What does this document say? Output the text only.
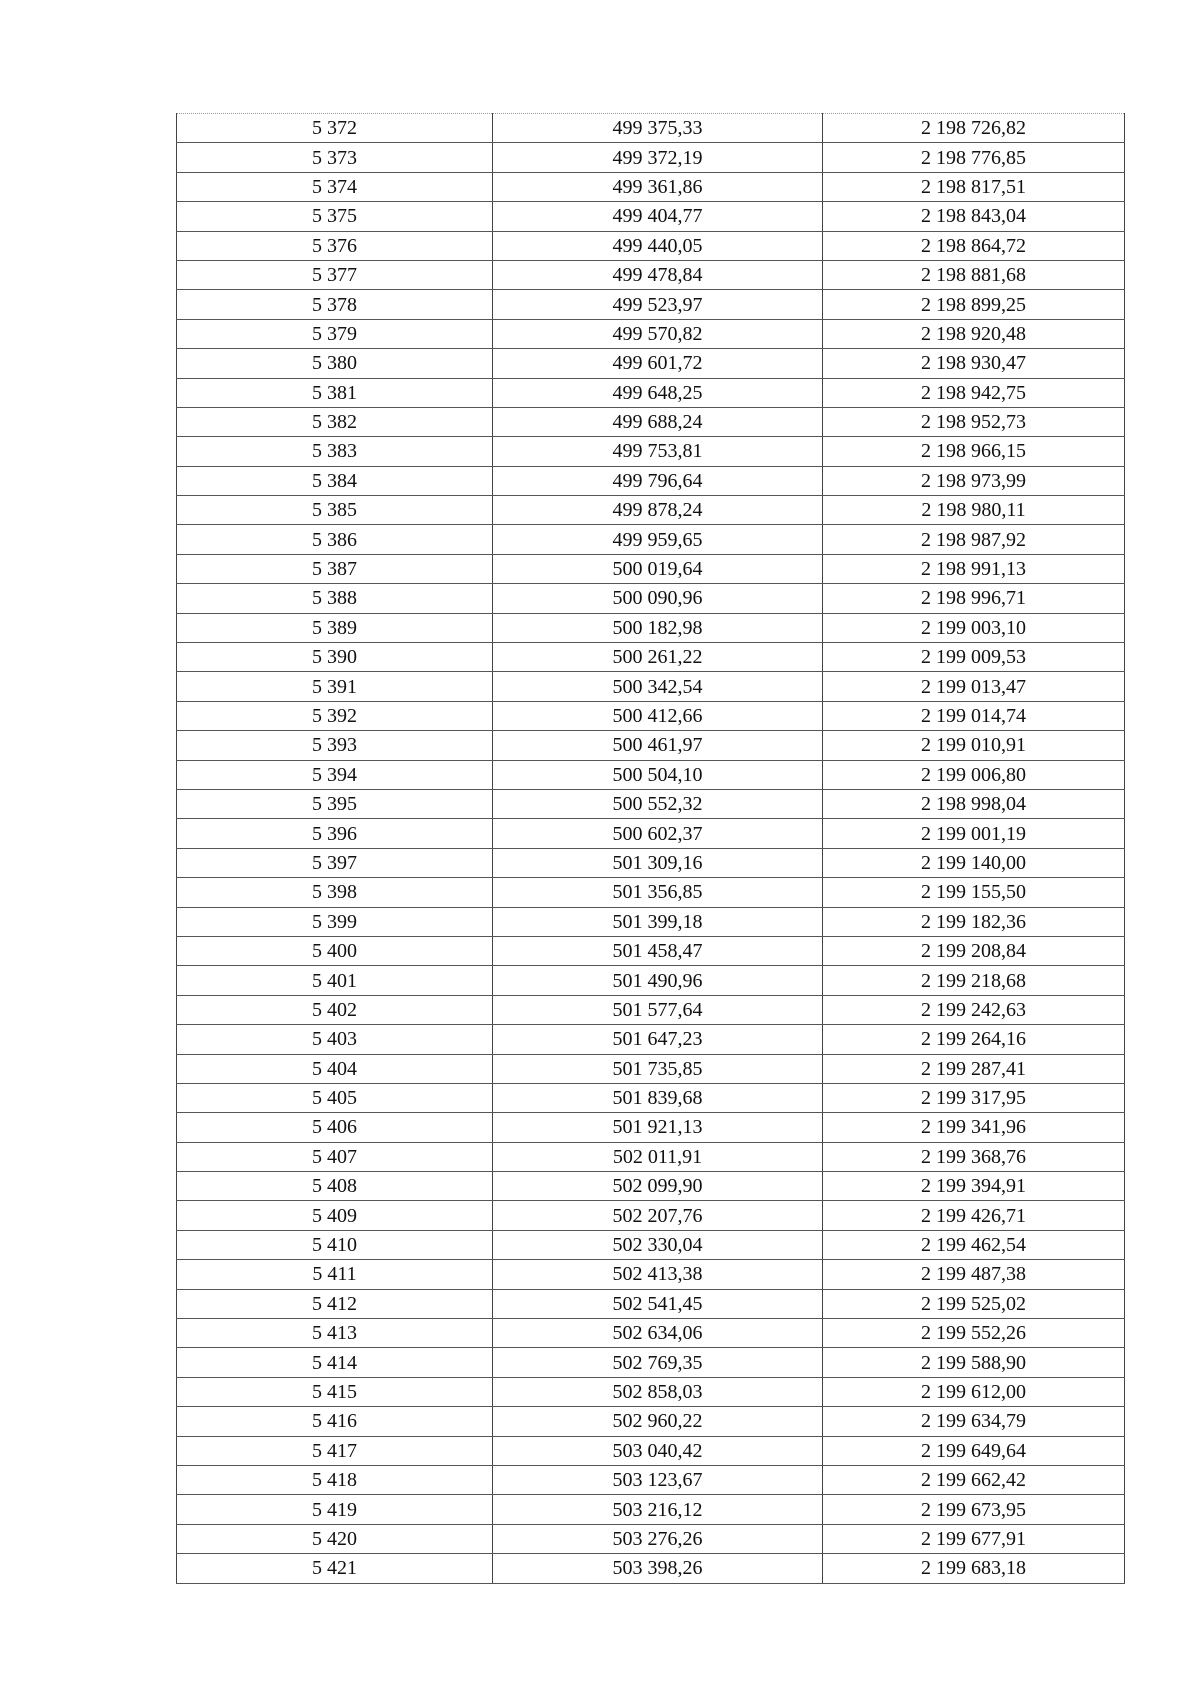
5 372	499 375,33	2 198 726,82
5 373	499 372,19	2 198 776,85
5 374	499 361,86	2 198 817,51
5 375	499 404,77	2 198 843,04
5 376	499 440,05	2 198 864,72
5 377	499 478,84	2 198 881,68
5 378	499 523,97	2 198 899,25
5 379	499 570,82	2 198 920,48
5 380	499 601,72	2 198 930,47
5 381	499 648,25	2 198 942,75
5 382	499 688,24	2 198 952,73
5 383	499 753,81	2 198 966,15
5 384	499 796,64	2 198 973,99
5 385	499 878,24	2 198 980,11
5 386	499 959,65	2 198 987,92
5 387	500 019,64	2 198 991,13
5 388	500 090,96	2 198 996,71
5 389	500 182,98	2 199 003,10
5 390	500 261,22	2 199 009,53
5 391	500 342,54	2 199 013,47
5 392	500 412,66	2 199 014,74
5 393	500 461,97	2 199 010,91
5 394	500 504,10	2 199 006,80
5 395	500 552,32	2 198 998,04
5 396	500 602,37	2 199 001,19
5 397	501 309,16	2 199 140,00
5 398	501 356,85	2 199 155,50
5 399	501 399,18	2 199 182,36
5 400	501 458,47	2 199 208,84
5 401	501 490,96	2 199 218,68
5 402	501 577,64	2 199 242,63
5 403	501 647,23	2 199 264,16
5 404	501 735,85	2 199 287,41
5 405	501 839,68	2 199 317,95
5 406	501 921,13	2 199 341,96
5 407	502 011,91	2 199 368,76
5 408	502 099,90	2 199 394,91
5 409	502 207,76	2 199 426,71
5 410	502 330,04	2 199 462,54
5 411	502 413,38	2 199 487,38
5 412	502 541,45	2 199 525,02
5 413	502 634,06	2 199 552,26
5 414	502 769,35	2 199 588,90
5 415	502 858,03	2 199 612,00
5 416	502 960,22	2 199 634,79
5 417	503 040,42	2 199 649,64
5 418	503 123,67	2 199 662,42
5 419	503 216,12	2 199 673,95
5 420	503 276,26	2 199 677,91
5 421	503 398,26	2 199 683,18
